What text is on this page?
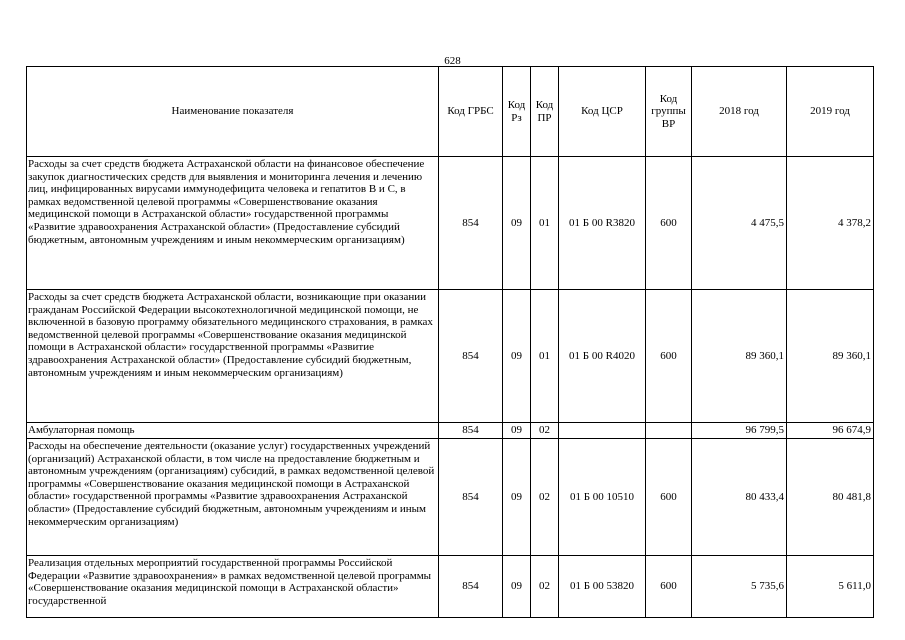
628
Наименование показателя	Код ГРБС	Код Рз	Код ПР	Код ЦСР	Код группы ВР	2018 год	2019 год
Расходы за счет средств бюджета Астраханской области на финансовое обеспечение закупок диагностических средств для выявления и мониторинга лечения и лечению лиц, инфицированных вирусами иммунодефицита человека и гепатитов В и С, в рамках ведомственной целевой программы «Совершенствование оказания медицинской помощи в Астраханской области» государственной программы «Развитие здравоохранения Астраханской области» (Предоставление субсидий бюджетным, автономным учреждениям и иным некоммерческим организациям)	854	09	01	01 Б 00 R3820	600	4 475,5	4 378,2
Расходы за счет средств бюджета Астраханской области, возникающие при оказании гражданам Российской Федерации высокотехнологичной медицинской помощи, не включенной в базовую программу обязательного медицинского страхования, в рамках ведомственной целевой программы «Совершенствование оказания медицинской помощи в Астраханской области» государственной программы «Развитие здравоохранения Астраханской области» (Предоставление субсидий бюджетным, автономным учреждениям и иным некоммерческим организациям)	854	09	01	01 Б 00 R4020	600	89 360,1	89 360,1
Амбулаторная помощь	854	09	02			96 799,5	96 674,9
Расходы на обеспечение деятельности (оказание услуг) государственных учреждений (организаций) Астраханской области, в том числе на предоставление бюджетным и автономным учреждениям (организациям) субсидий, в рамках ведомственной целевой программы «Совершенствование оказания медицинской помощи в Астраханской области» государственной программы «Развитие здравоохранения Астраханской области» (Предоставление субсидий бюджетным, автономным учреждениям и иным некоммерческим организациям)	854	09	02	01 Б 00 10510	600	80 433,4	80 481,8
Реализация отдельных мероприятий государственной программы Российской Федерации «Развитие здравоохранения» в рамках ведомственной целевой программы «Совершенствование оказания медицинской помощи в Астраханской области» государственной	854	09	02	01 Б 00 53820	600	5 735,6	5 611,0
